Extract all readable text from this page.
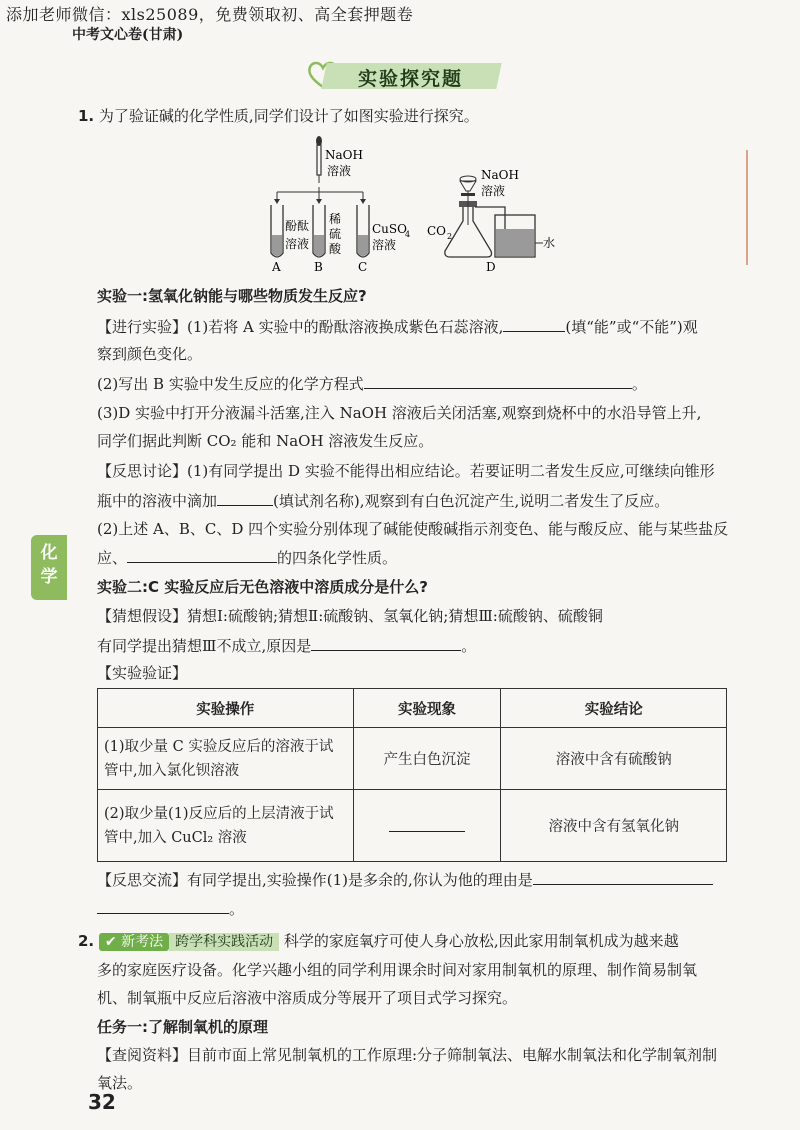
添加老师微信：xls25089，免费领取初、高全套押题卷
中考文心卷(甘肃)
实验探究题
1. 为了验证碱的化学性质,同学们设计了如图实验进行探究。
NaOH
溶液
酚酞
溶液
稀
硫
酸
CuSO
4
溶液
A	B	C
NaOH
溶液
CO 2	水
D
实验一:氢氧化钠能与哪些物质发生反应?
【进行实验】(1)若将 A 实验中的酚酞溶液换成紫色石蕊溶液,	(填“能”或“不能”)观
察到颜色变化。
(2)写出 B 实验中发生反应的化学方程式	。
(3)D 实验中打开分液漏斗活塞,注入 NaOH 溶液后关闭活塞,观察到烧杯中的水沿导管上升,
同学们据此判断 CO₂ 能和 NaOH 溶液发生反应。
【反思讨论】(1)有同学提出 D 实验不能得出相应结论。若要证明二者发生反应,可继续向锥形
瓶中的溶液中滴加	(填试剂名称),观察到有白色沉淀产生,说明二者发生了反应。
(2)上述 A、B、C、D 四个实验分别体现了碱能使酸碱指示剂变色、能与酸反应、能与某些盐反
应、	的四条化学性质。
实验二:C 实验反应后无色溶液中溶质成分是什么?
【猜想假设】猜想Ⅰ:硫酸钠;猜想Ⅱ:硫酸钠、氢氧化钠;猜想Ⅲ:硫酸钠、硫酸铜
有同学提出猜想Ⅲ不成立,原因是	。
【实验验证】
实验操作	实验现象	实验结论
(1)取少量 C 实验反应后的溶液于试管中,加入氯化钡溶液	产生白色沉淀	溶液中含有硫酸钠
(2)取少量(1)反应后的上层清液于试管中,加入 CuCl₂ 溶液		溶液中含有氢氧化钠
【反思交流】有同学提出,实验操作(1)是多余的,你认为他的理由是
。
2. ✔ 新考法 跨学科实践活动 科学的家庭氧疗可使人身心放松,因此家用制氧机成为越来越
多的家庭医疗设备。化学兴趣小组的同学利用课余时间对家用制氧机的原理、制作简易制氧
机、制氧瓶中反应后溶液中溶质成分等展开了项目式学习探究。
任务一:了解制氧机的原理
【查阅资料】目前市面上常见制氧机的工作原理:分子筛制氧法、电解水制氧法和化学制氧剂制
氧法。
化
学
32
